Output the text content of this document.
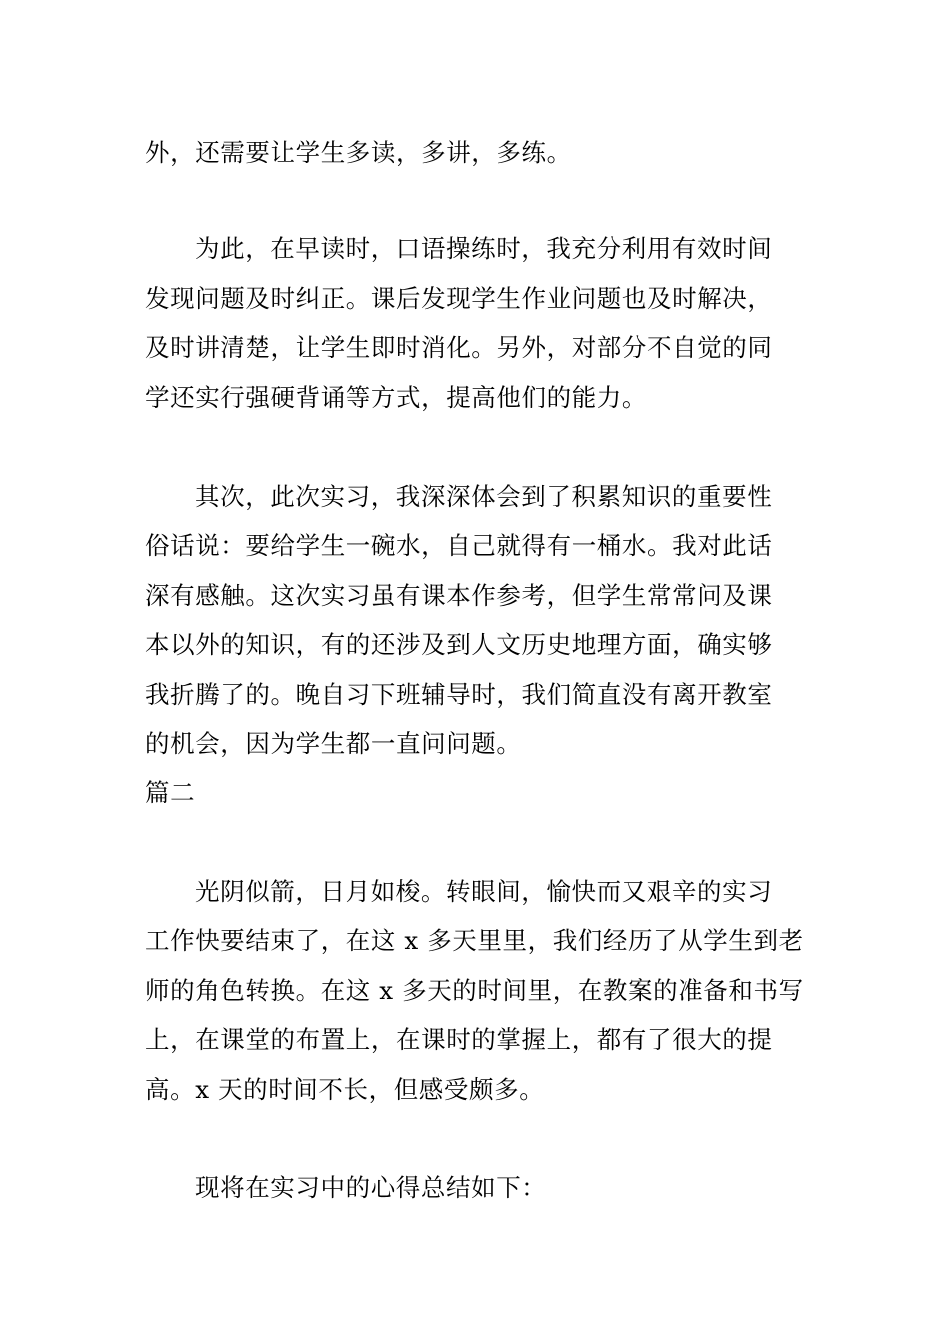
外，还需要让学生多读，多讲，多练。
为此，在早读时，口语操练时，我充分利用有效时间
发现问题及时纠正。课后发现学生作业问题也及时解决，
及时讲清楚，让学生即时消化。另外，对部分不自觉的同
学还实行强硬背诵等方式，提高他们的能力。
其次，此次实习，我深深体会到了积累知识的重要性
俗话说：要给学生一碗水，自己就得有一桶水。我对此话
深有感触。这次实习虽有课本作参考，但学生常常问及课
本以外的知识，有的还涉及到人文历史地理方面，确实够
我折腾了的。晚自习下班辅导时，我们简直没有离开教室
的机会，因为学生都一直问问题。
篇二
光阴似箭，日月如梭。转眼间，愉快而又艰辛的实习
工作快要结束了，在这 x 多天里里，我们经历了从学生到老
师的角色转换。在这 x 多天的时间里，在教案的准备和书写
上，在课堂的布置上，在课时的掌握上，都有了很大的提
高。x 天的时间不长，但感受颇多。
现将在实习中的心得总结如下：
